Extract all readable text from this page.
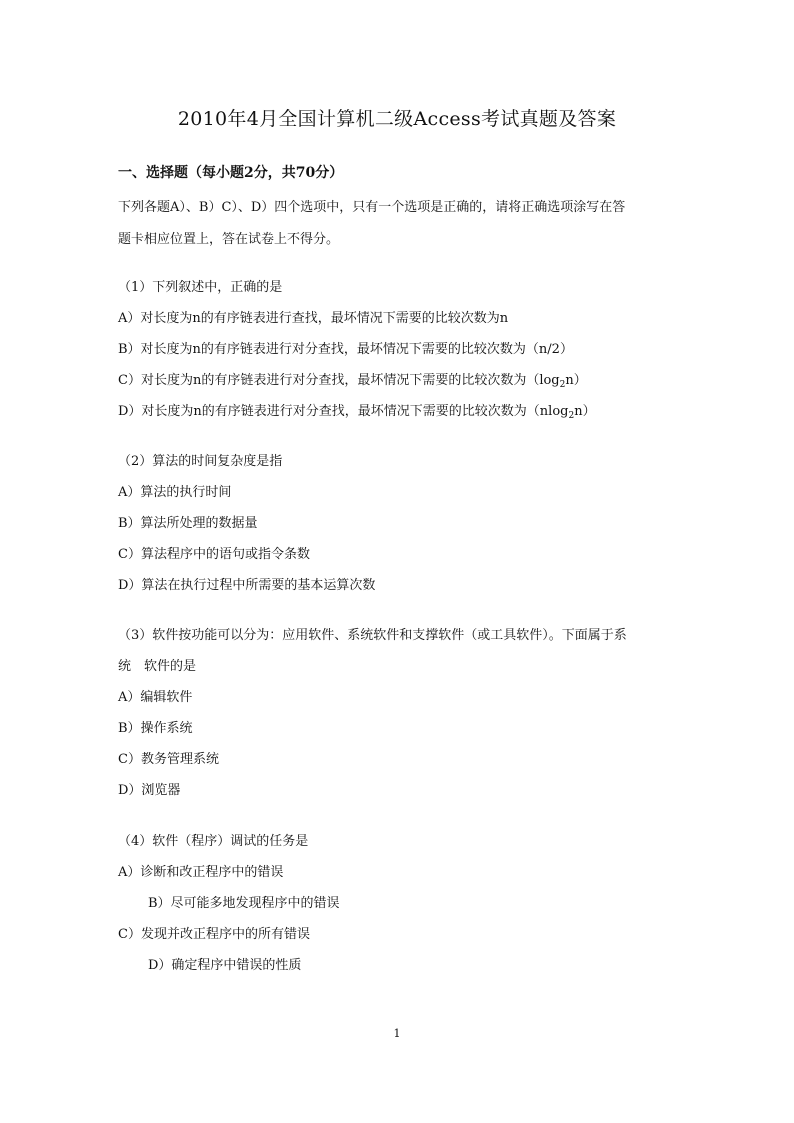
2010年4月全国计算机二级Access考试真题及答案
一、选择题（每小题2分，共70分）
下列各题A）、B）C）、D）四个选项中，只有一个选项是正确的，请将正确选项涂写在答
题卡相应位置上，答在试卷上不得分。
（1）下列叙述中，正确的是
A）对长度为n的有序链表进行查找，最坏情况下需要的比较次数为n
B）对长度为n的有序链表进行对分查找，最坏情况下需要的比较次数为（n/2）
C）对长度为n的有序链表进行对分查找，最坏情况下需要的比较次数为$(\log_2n)$
D）对长度为n的有序链表进行对分查找，最坏情况下需要的比较次数为（nlog$_2$n）
（2）算法的时间复杂度是指
A）算法的执行时间
B）算法所处理的数据量
C）算法程序中的语句或指令条数
D）算法在执行过程中所需要的基本运算次数
（3）软件按功能可以分为：应用软件、系统软件和支撑软件（或工具软件）。下面属于系
统　软件的是
A）编辑软件
B）操作系统
C）教务管理系统
D）浏览器
（4）软件（程序）调试的任务是
A）诊断和改正程序中的错误
B）尽可能多地发现程序中的错误
C）发现并改正程序中的所有错误
D）确定程序中错误的性质
1
